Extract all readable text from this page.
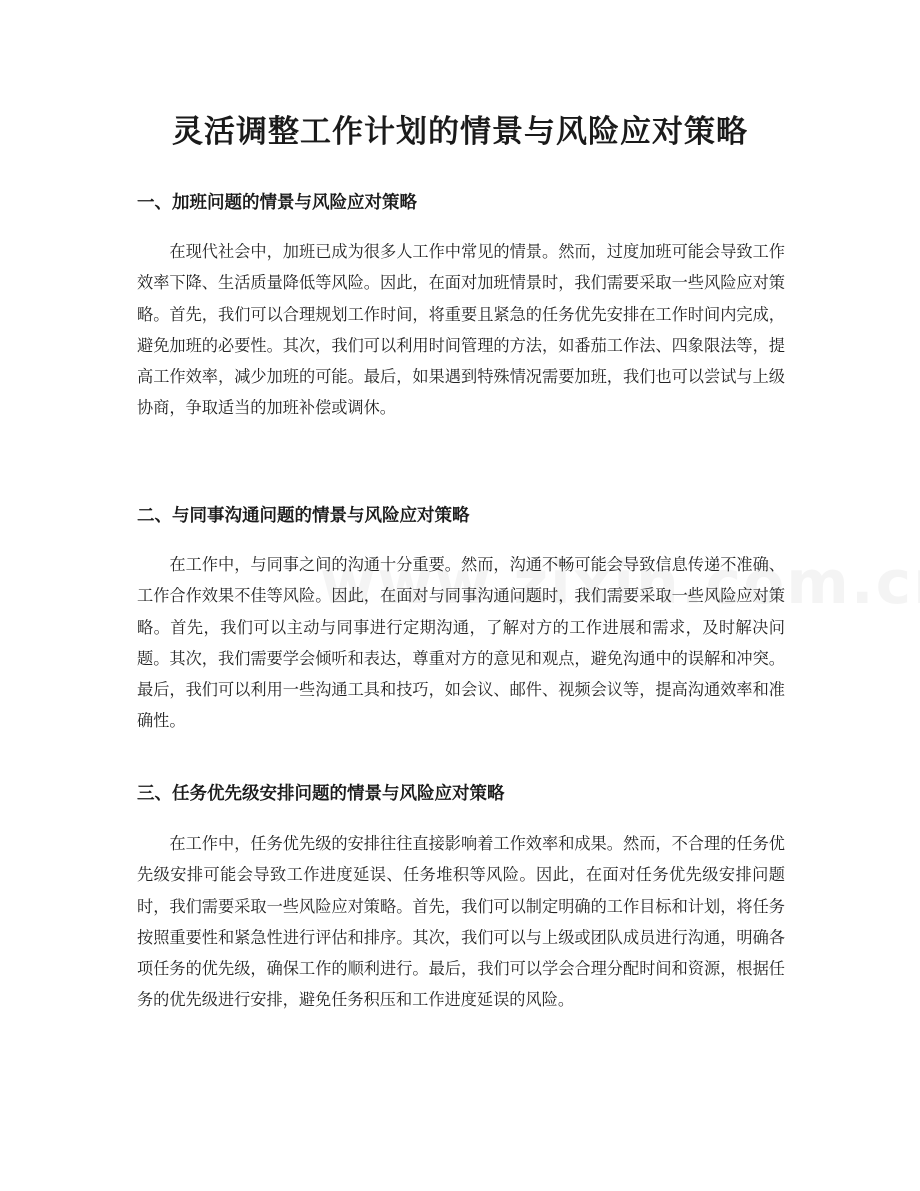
灵活调整工作计划的情景与风险应对策略
一、加班问题的情景与风险应对策略

在现代社会中，加班已成为很多人工作中常见的情景。然而，过度加班可能会导致工作效率下降、生活质量降低等风险。因此，在面对加班情景时，我们需要采取一些风险应对策略。首先，我们可以合理规划工作时间，将重要且紧急的任务优先安排在工作时间内完成，避免加班的必要性。其次，我们可以利用时间管理的方法，如番茄工作法、四象限法等，提高工作效率，减少加班的可能。最后，如果遇到特殊情况需要加班，我们也可以尝试与上级协商，争取适当的加班补偿或调休。

二、与同事沟通问题的情景与风险应对策略

在工作中，与同事之间的沟通十分重要。然而，沟通不畅可能会导致信息传递不准确、工作合作效果不佳等风险。因此，在面对与同事沟通问题时，我们需要采取一些风险应对策略。首先，我们可以主动与同事进行定期沟通，了解对方的工作进展和需求，及时解决问题。其次，我们需要学会倾听和表达，尊重对方的意见和观点，避免沟通中的误解和冲突。最后，我们可以利用一些沟通工具和技巧，如会议、邮件、视频会议等，提高沟通效率和准确性。

三、任务优先级安排问题的情景与风险应对策略

在工作中，任务优先级的安排往往直接影响着工作效率和成果。然而，不合理的任务优先级安排可能会导致工作进度延误、任务堆积等风险。因此，在面对任务优先级安排问题时，我们需要采取一些风险应对策略。首先，我们可以制定明确的工作目标和计划，将任务按照重要性和紧急性进行评估和排序。其次，我们可以与上级或团队成员进行沟通，明确各项任务的优先级，确保工作的顺利进行。最后，我们可以学会合理分配时间和资源，根据任务的优先级进行安排，避免任务积压和工作进度延误的风险。
